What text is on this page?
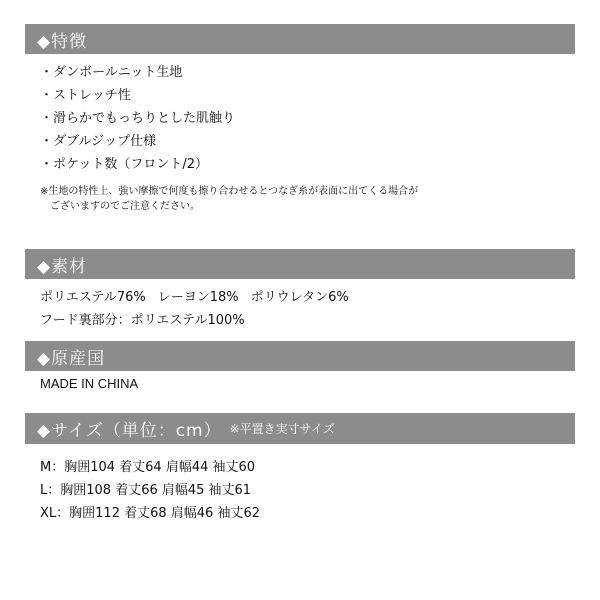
◆特徴
・ダンボールニット生地
・ストレッチ性
・滑らかでもっちりとした肌触り
・ダブルジップ仕様
・ポケット数（フロント/2）
※生地の特性上、強い摩擦で何度も擦り合わせるとつなぎ糸が表面に出てくる場合が
　ございますのでご注意ください。
◆素材
ポリエステル76% レーヨン18% ポリウレタン6%
フード裏部分：ポリエステル100%
◆原産国
MADE IN CHINA
◆サイズ（単位：cm） ※平置き実寸サイズ
M：胸囲104 着丈64 肩幅44 袖丈60
L：胸囲108 着丈66 肩幅45 袖丈61
XL：胸囲112 着丈68 肩幅46 袖丈62
